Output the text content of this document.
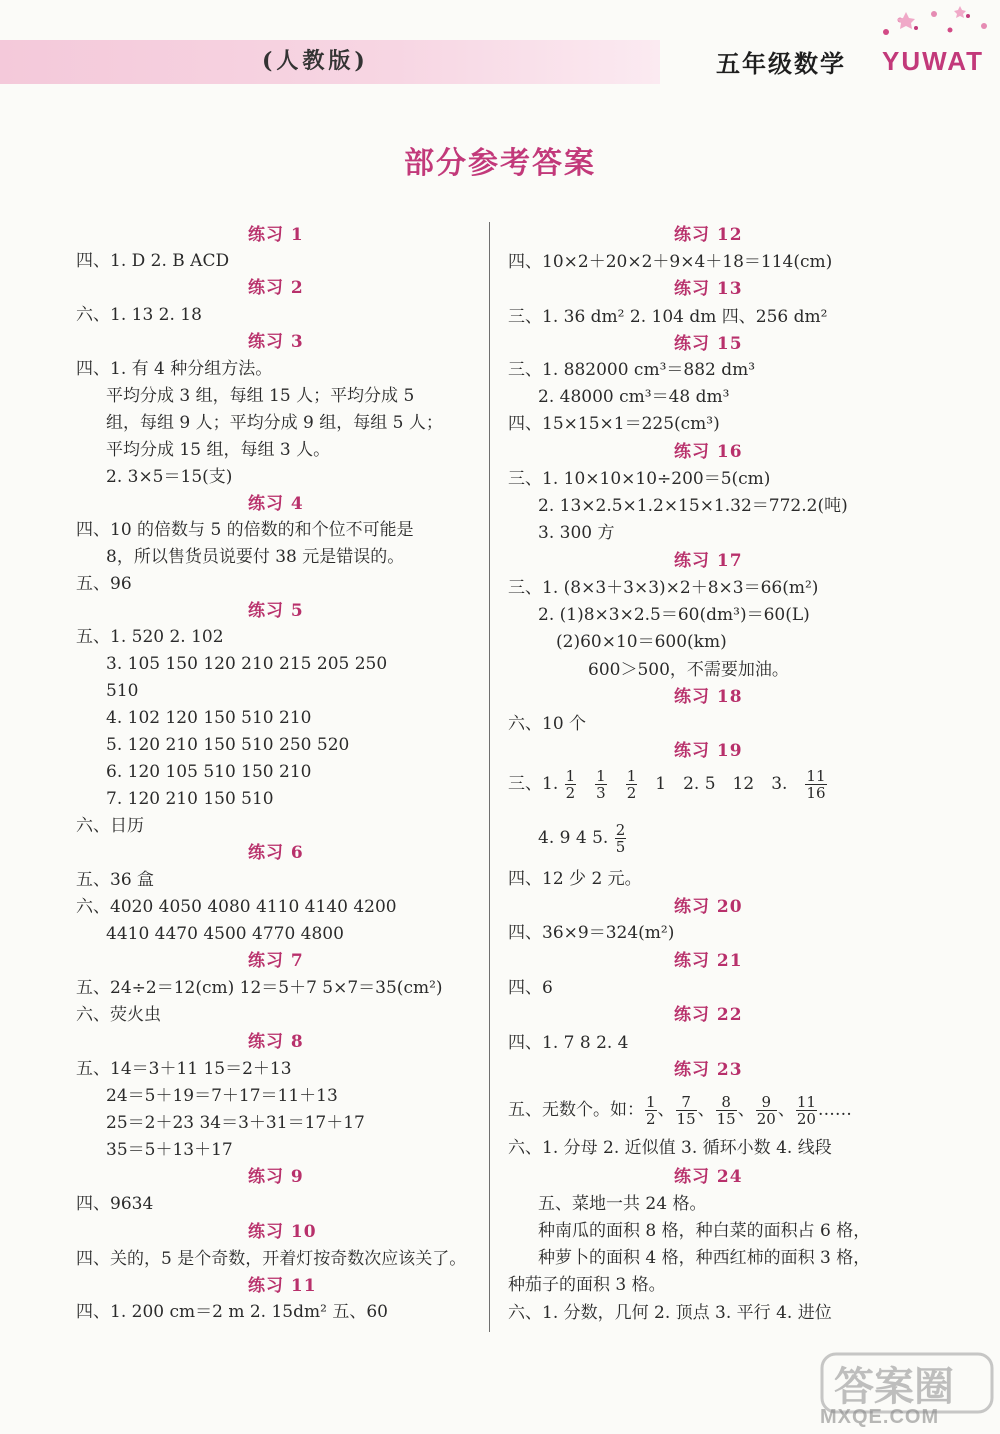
(人教版)	五年级数学 YUWAT
部分参考答案
练习 1
四、1. D 2. B ACD
练习 2
六、1. 13 2. 18
练习 3
四、1. 有 4 种分组方法。
平均分成 3 组，每组 15 人；平均分成 5
组，每组 9 人；平均分成 9 组，每组 5 人；
平均分成 15 组，每组 3 人。
2. 3×5＝15(支)
练习 4
四、10 的倍数与 5 的倍数的和个位不可能是
8，所以售货员说要付 38 元是错误的。
五、96
练习 5
五、1. 520 2. 102
3. 105 150 120 210 215 205 250
510
4. 102 120 150 510 210
5. 120 210 150 510 250 520
6. 120 105 510 150 210
7. 120 210 150 510
六、日历
练习 6
五、36 盒
六、4020 4050 4080 4110 4140 4200
4410 4470 4500 4770 4800
练习 7
五、24÷2＝12(cm) 12＝5＋7 5×7＝35(cm²)
六、荧火虫
练习 8
五、14＝3＋11 15＝2＋13
24＝5＋19＝7＋17＝11＋13
25＝2＋23 34＝3＋31＝17＋17
35＝5＋13＋17
练习 9
四、9634
练习 10
四、关的，5 是个奇数，开着灯按奇数次应该关了。
练习 11
四、1. 200 cm＝2 m 2. 15dm² 五、60
练习 12
四、10×2＋20×2＋9×4＋18＝114(cm)
练习 13
三、1. 36 dm² 2. 104 dm 四、256 dm²
练习 15
三、1. 882000 cm³＝882 dm³
2. 48000 cm³＝48 dm³
四、15×15×1＝225(cm³)
练习 16
三、1. 10×10×10÷200＝5(cm)
2. 13×2.5×1.2×15×1.32＝772.2(吨)
3. 300 方
练习 17
三、1. (8×3＋3×3)×2＋8×3＝66(m²)
2. (1)8×3×2.5＝60(dm³)＝60(L)
(2)60×10＝600(km)
600＞500，不需要加油。
练习 18
六、10 个
练习 19
三、1. $\frac{1}{2}$
  $\frac{1}{3}$
  $\frac{1}{2}$
  1 2. 5 12 3.  $\frac{11}{16}$
4. 9 4 5. $\frac{2}{5}$
四、12 少 2 元。
练习 20
四、36×9＝324(m²)
练习 21
四、6
练习 22
四、1. 7 8 2. 4
练习 23
五、无数个。如： $\frac{1}{2}$ 、 $\frac{7}{15}$ 、 $\frac{8}{15}$ 、 $\frac{9}{20}$ 、 $\frac{11}{20}$ ……
六、1. 分母 2. 近似值 3. 循环小数 4. 线段
练习 24
五、菜地一共 24 格。
种南瓜的面积 8 格，种白菜的面积占 6 格，
种萝卜的面积 4 格，种西红柿的面积 3 格，
种茄子的面积 3 格。
六、1. 分数，几何 2. 顶点 3. 平行 4. 进位
答案圈
MXQE.COM
